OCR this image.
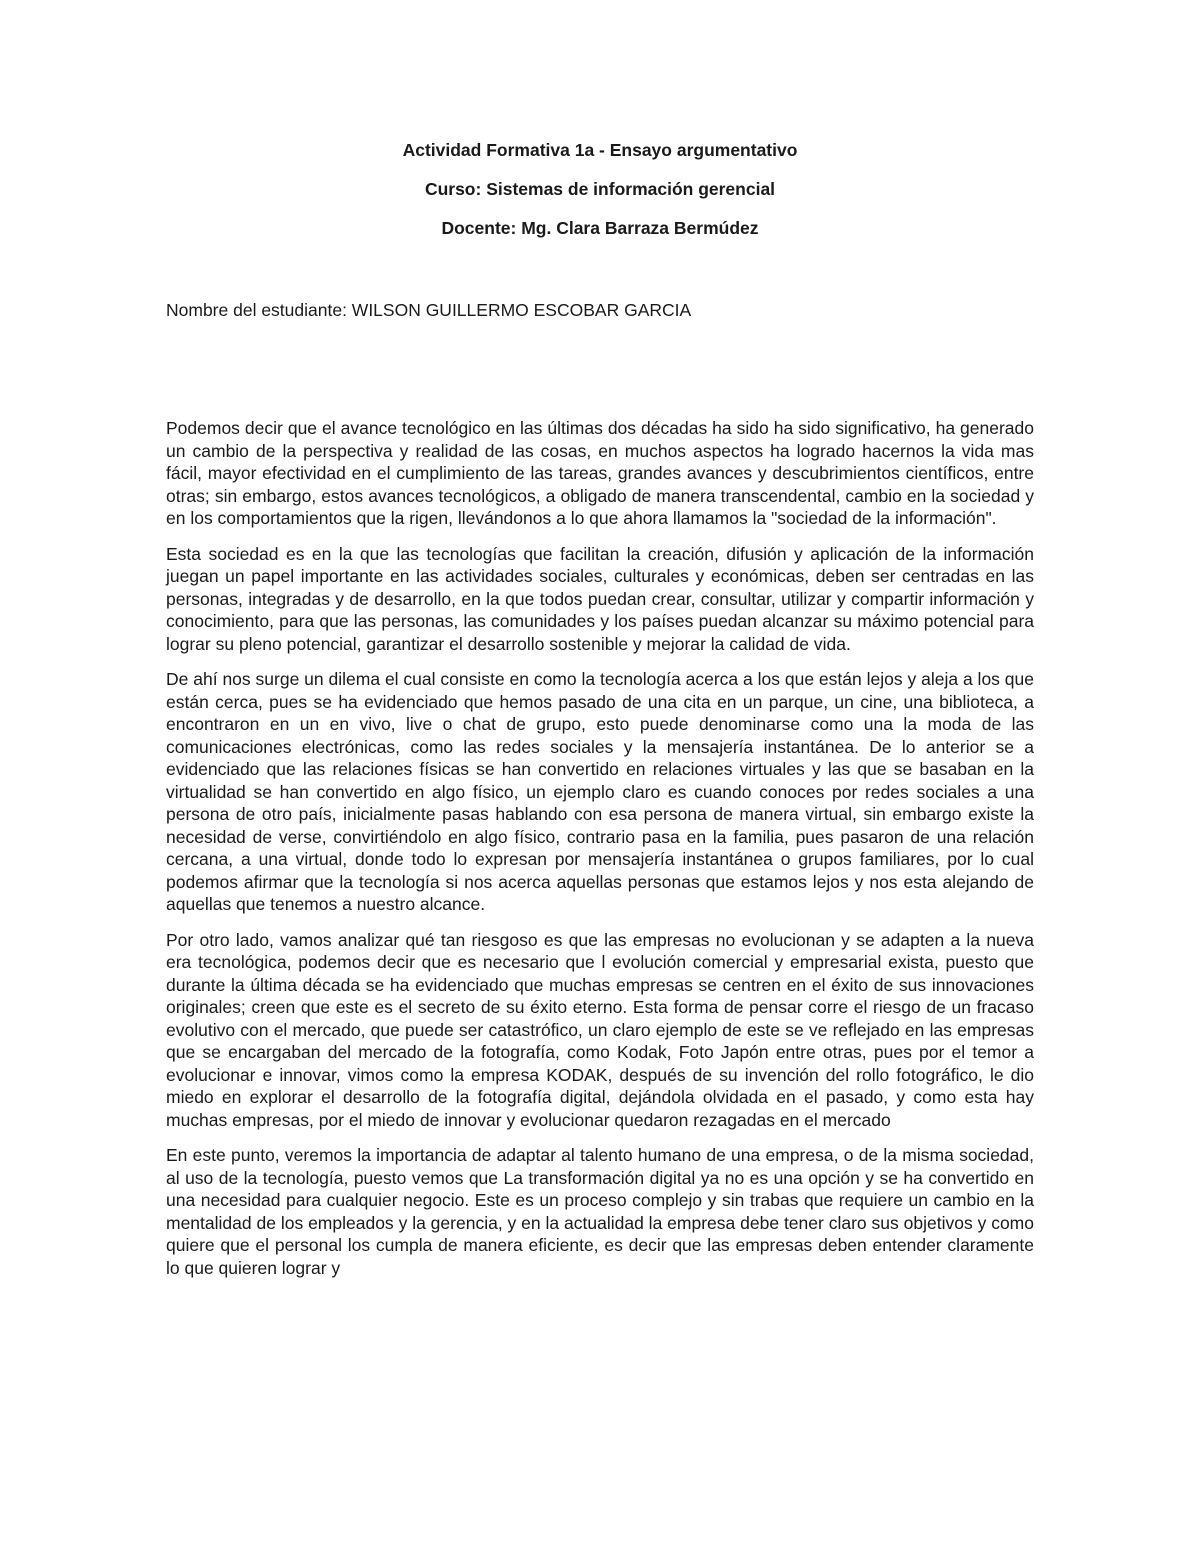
Actividad Formativa 1a - Ensayo argumentativo
Curso: Sistemas de información gerencial
Docente: Mg. Clara Barraza Bermúdez
Nombre del estudiante: WILSON GUILLERMO ESCOBAR GARCIA

Podemos decir que el avance tecnológico en las últimas dos décadas ha sido ha sido significativo, ha generado un cambio de la perspectiva y realidad de las cosas, en muchos aspectos ha logrado hacernos la vida mas fácil, mayor efectividad en el cumplimiento de las tareas, grandes avances y descubrimientos científicos, entre otras; sin embargo, estos avances tecnológicos, a obligado de manera transcendental, cambio en la sociedad y en los comportamientos que la rigen, llevándonos a lo que ahora llamamos la "sociedad de la información".

Esta sociedad es en la que las tecnologías que facilitan la creación, difusión y aplicación de la información juegan un papel importante en las actividades sociales, culturales y económicas, deben ser centradas en las personas, integradas y de desarrollo, en la que todos puedan crear, consultar, utilizar y compartir información y conocimiento, para que las personas, las comunidades y los países puedan alcanzar su máximo potencial para lograr su pleno potencial, garantizar el desarrollo sostenible y mejorar la calidad de vida.

De ahí nos surge un dilema el cual consiste en como la tecnología acerca a los que están lejos y aleja a los que están cerca, pues se ha evidenciado que hemos pasado de una cita en un parque, un cine, una biblioteca, a encontraron en un en vivo, live o chat de grupo, esto puede denominarse como una la moda de las comunicaciones electrónicas, como las redes sociales y la mensajería instantánea. De lo anterior se a evidenciado que las relaciones físicas se han convertido en relaciones virtuales y las que se basaban en la virtualidad se han convertido en algo físico, un ejemplo claro es cuando conoces por redes sociales a una persona de otro país, inicialmente pasas hablando con esa persona de manera virtual, sin embargo existe la necesidad de verse, convirtiéndolo en algo físico, contrario pasa en la familia, pues pasaron de una relación cercana, a una virtual, donde todo lo expresan por mensajería instantánea o grupos familiares, por lo cual podemos afirmar que la tecnología si nos acerca aquellas personas que estamos lejos y nos esta alejando de aquellas que tenemos a nuestro alcance.

Por otro lado, vamos analizar qué tan riesgoso es que las empresas no evolucionan y se adapten a la nueva era tecnológica, podemos decir que es necesario que l evolución comercial y empresarial exista, puesto que durante la última década se ha evidenciado que muchas empresas se centren en el éxito de sus innovaciones originales; creen que este es el secreto de su éxito eterno. Esta forma de pensar corre el riesgo de un fracaso evolutivo con el mercado, que puede ser catastrófico, un claro ejemplo de este se ve reflejado en las empresas que se encargaban del mercado de la fotografía, como Kodak, Foto Japón entre otras, pues por el temor a evolucionar e innovar, vimos como la empresa KODAK, después de su invención del rollo fotográfico, le dio miedo en explorar el desarrollo de la fotografía digital, dejándola olvidada en el pasado, y como esta hay muchas empresas, por el miedo de innovar y evolucionar quedaron rezagadas en el mercado

En este punto, veremos la importancia de adaptar al talento humano de una empresa, o de la misma sociedad, al uso de la tecnología, puesto vemos que La transformación digital ya no es una opción y se ha convertido en una necesidad para cualquier negocio. Este es un proceso complejo y sin trabas que requiere un cambio en la mentalidad de los empleados y la gerencia, y en la actualidad la empresa debe tener claro sus objetivos y como quiere que el personal los cumpla de manera eficiente, es decir que las empresas deben entender claramente lo que quieren lograr y
